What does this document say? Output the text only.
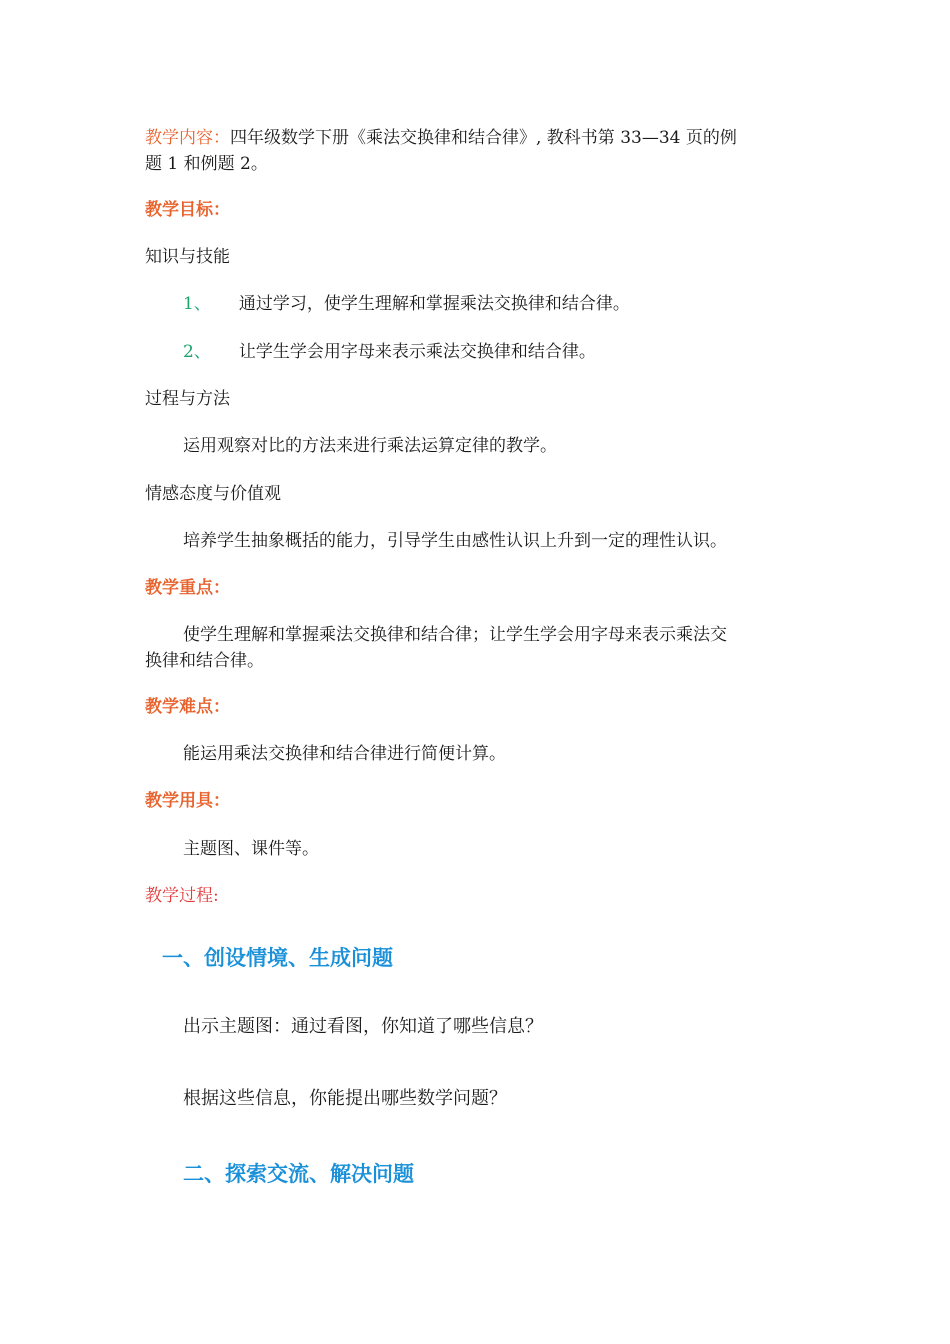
教学内容：四年级数学下册《乘法交换律和结合律》, 教科书第 33—34 页的例
题 1 和例题 2。
教学目标：
知识与技能
1、 通过学习，使学生理解和掌握乘法交换律和结合律。
2、 让学生学会用字母来表示乘法交换律和结合律。
过程与方法
运用观察对比的方法来进行乘法运算定律的教学。
情感态度与价值观
培养学生抽象概括的能力，引导学生由感性认识上升到一定的理性认识。
教学重点：
使学生理解和掌握乘法交换律和结合律；让学生学会用字母来表示乘法交
换律和结合律。
教学难点：
能运用乘法交换律和结合律进行简便计算。
教学用具：
主题图、课件等。
教学过程:
一、创设情境、生成问题
出示主题图：通过看图，你知道了哪些信息？
根据这些信息，你能提出哪些数学问题？
二、探索交流、解决问题
